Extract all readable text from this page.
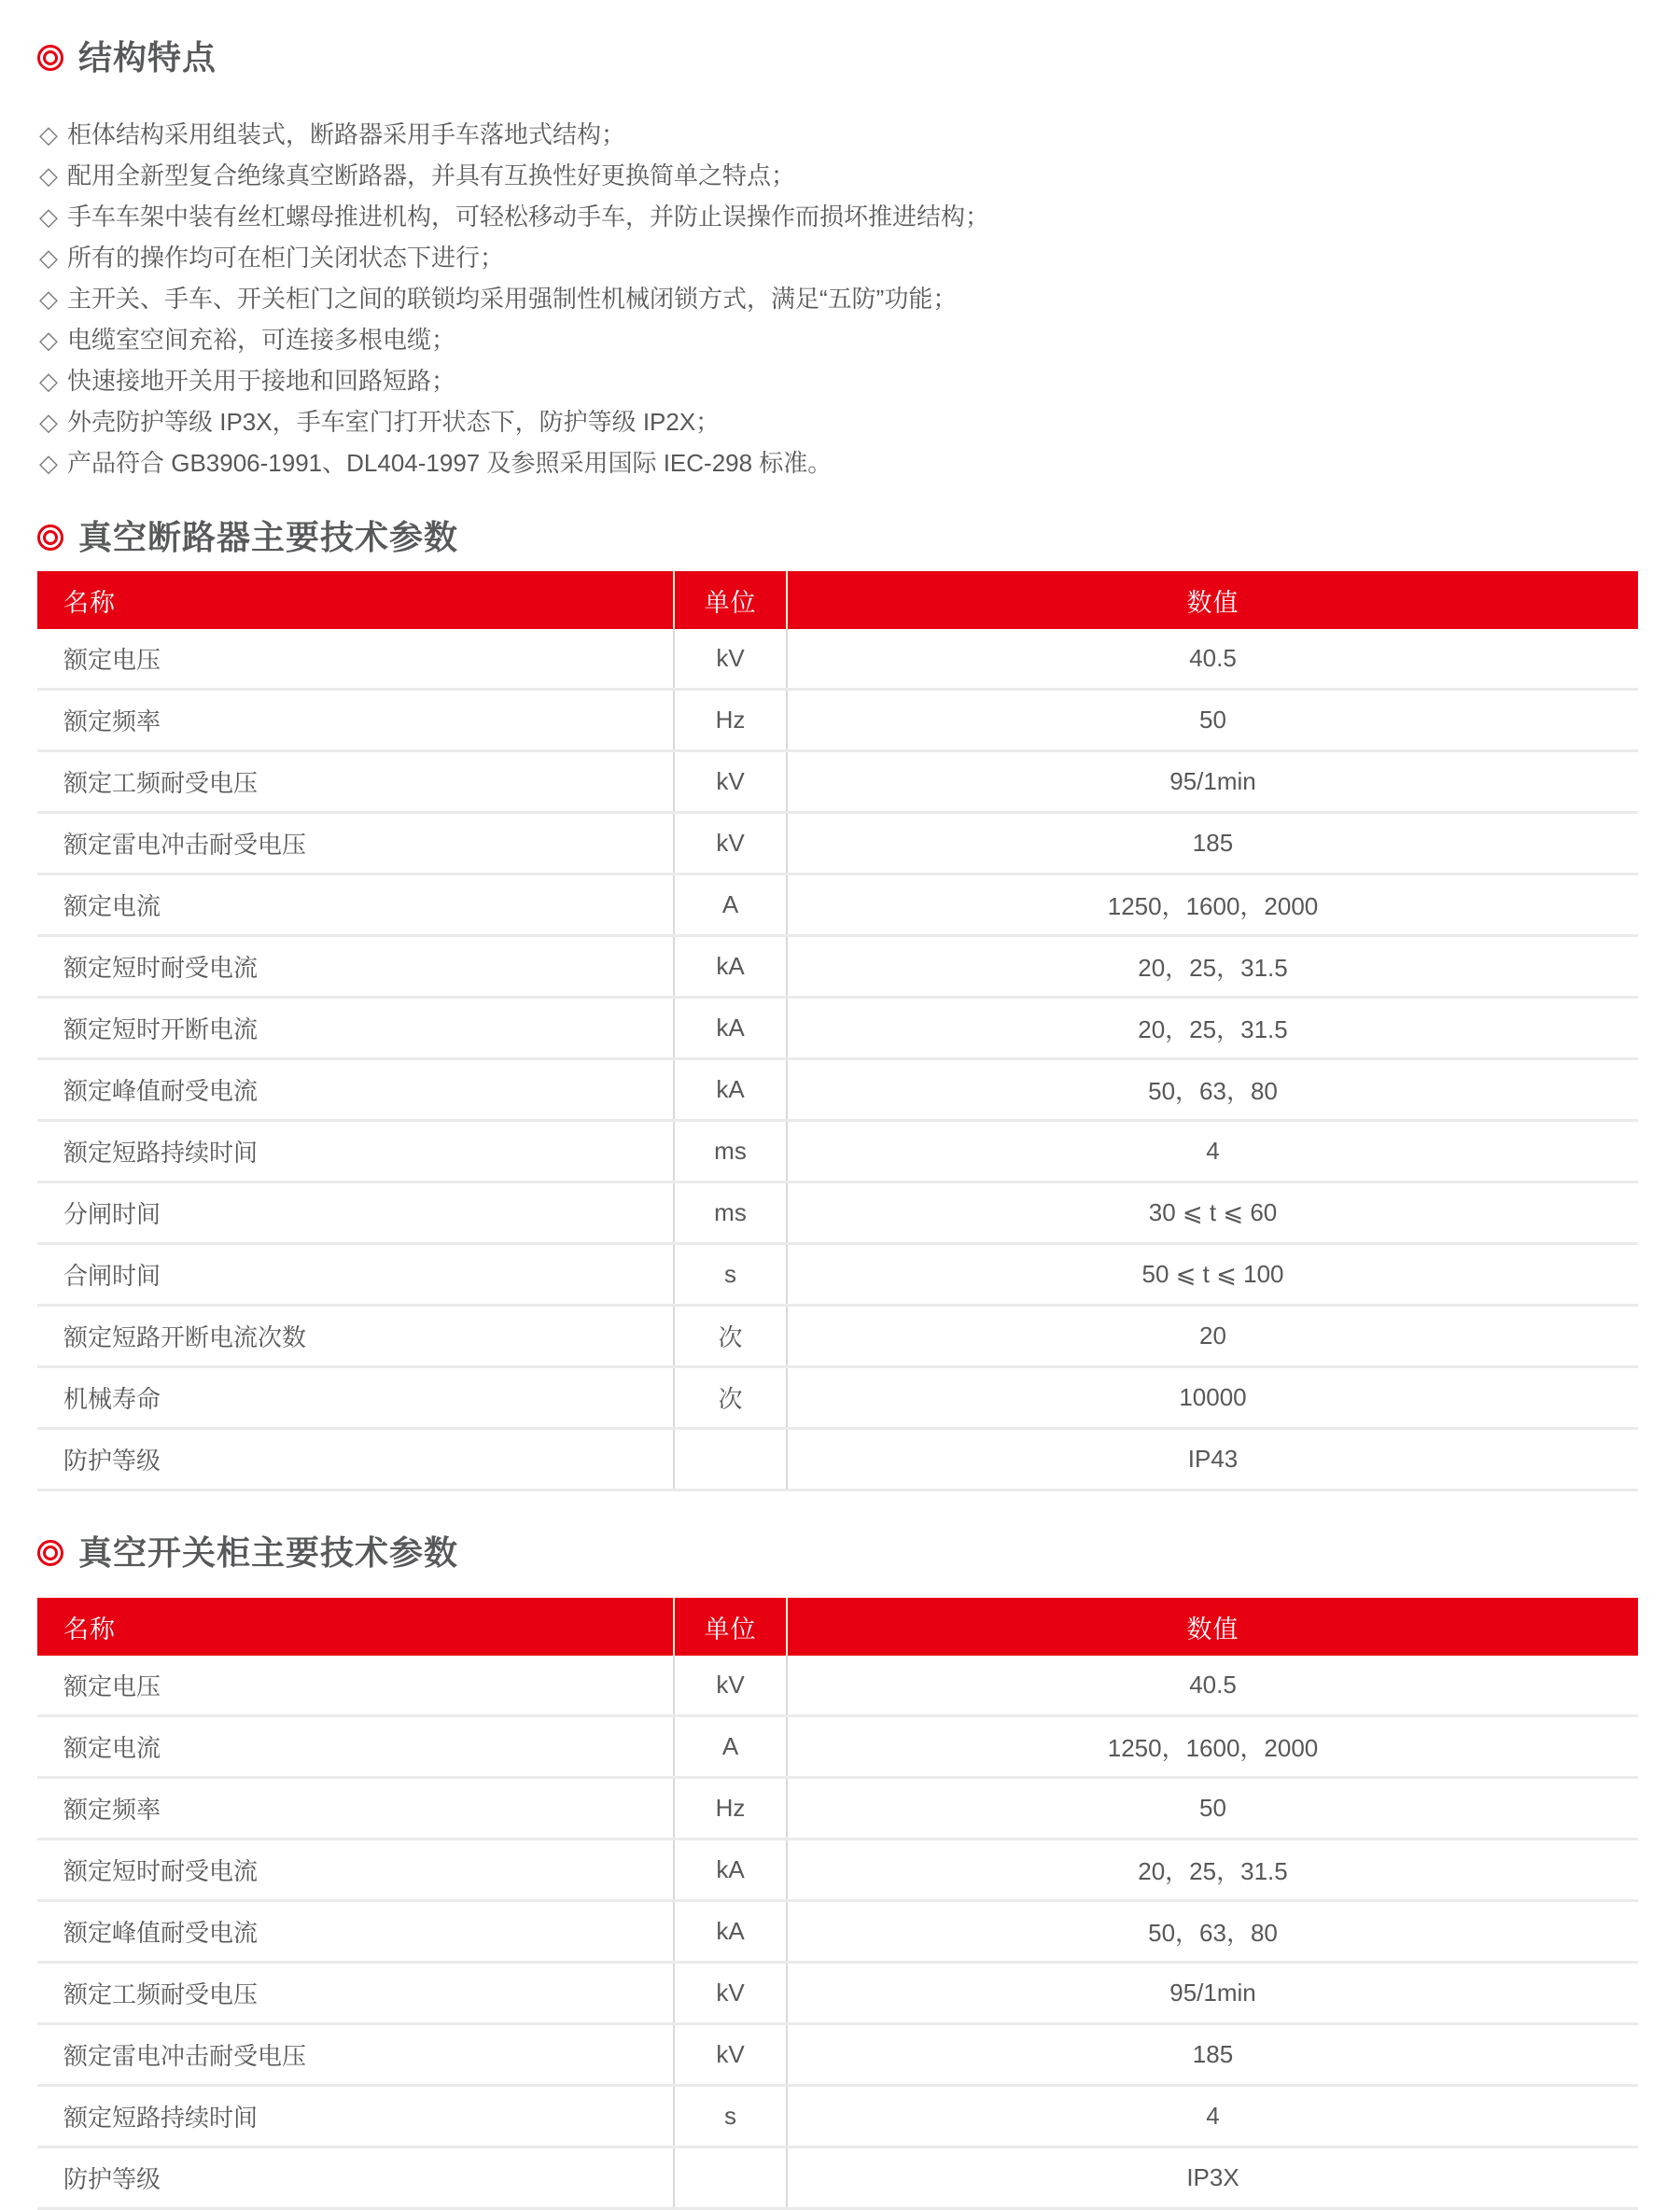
结构特点
◇ 柜体结构采用组装式，断路器采用手车落地式结构；
◇ 配用全新型复合绝缘真空断路器，并具有互换性好更换简单之特点；
◇ 手车车架中装有丝杠螺母推进机构，可轻松移动手车，并防止误操作而损坏推进结构；
◇ 所有的操作均可在柜门关闭状态下进行；
◇ 主开关、手车、开关柜门之间的联锁均采用强制性机械闭锁方式，满足“五防”功能；
◇ 电缆室空间充裕，可连接多根电缆；
◇ 快速接地开关用于接地和回路短路；
◇ 外壳防护等级 IP3X，手车室门打开状态下，防护等级 IP2X；
◇ 产品符合 GB3906-1991、DL404-1997 及参照采用国际 IEC-298 标准。
真空断路器主要技术参数
名称	单位	数值
额定电压	kV	40.5
额定频率	Hz	50
额定工频耐受电压	kV	95/1min
额定雷电冲击耐受电压	kV	185
额定电流	A	1250，1600，2000
额定短时耐受电流	kA	20，25，31.5
额定短时开断电流	kA	20，25，31.5
额定峰值耐受电流	kA	50，63，80
额定短路持续时间	ms	4
分闸时间	ms	30 ⩽ t ⩽ 60
合闸时间	s	50 ⩽ t ⩽ 100
额定短路开断电流次数	次	20
机械寿命	次	10000
防护等级		IP43
真空开关柜主要技术参数
名称	单位	数值
额定电压	kV	40.5
额定电流	A	1250，1600，2000
额定频率	Hz	50
额定短时耐受电流	kA	20，25，31.5
额定峰值耐受电流	kA	50，63，80
额定工频耐受电压	kV	95/1min
额定雷电冲击耐受电压	kV	185
额定短路持续时间	s	4
防护等级		IP3X
